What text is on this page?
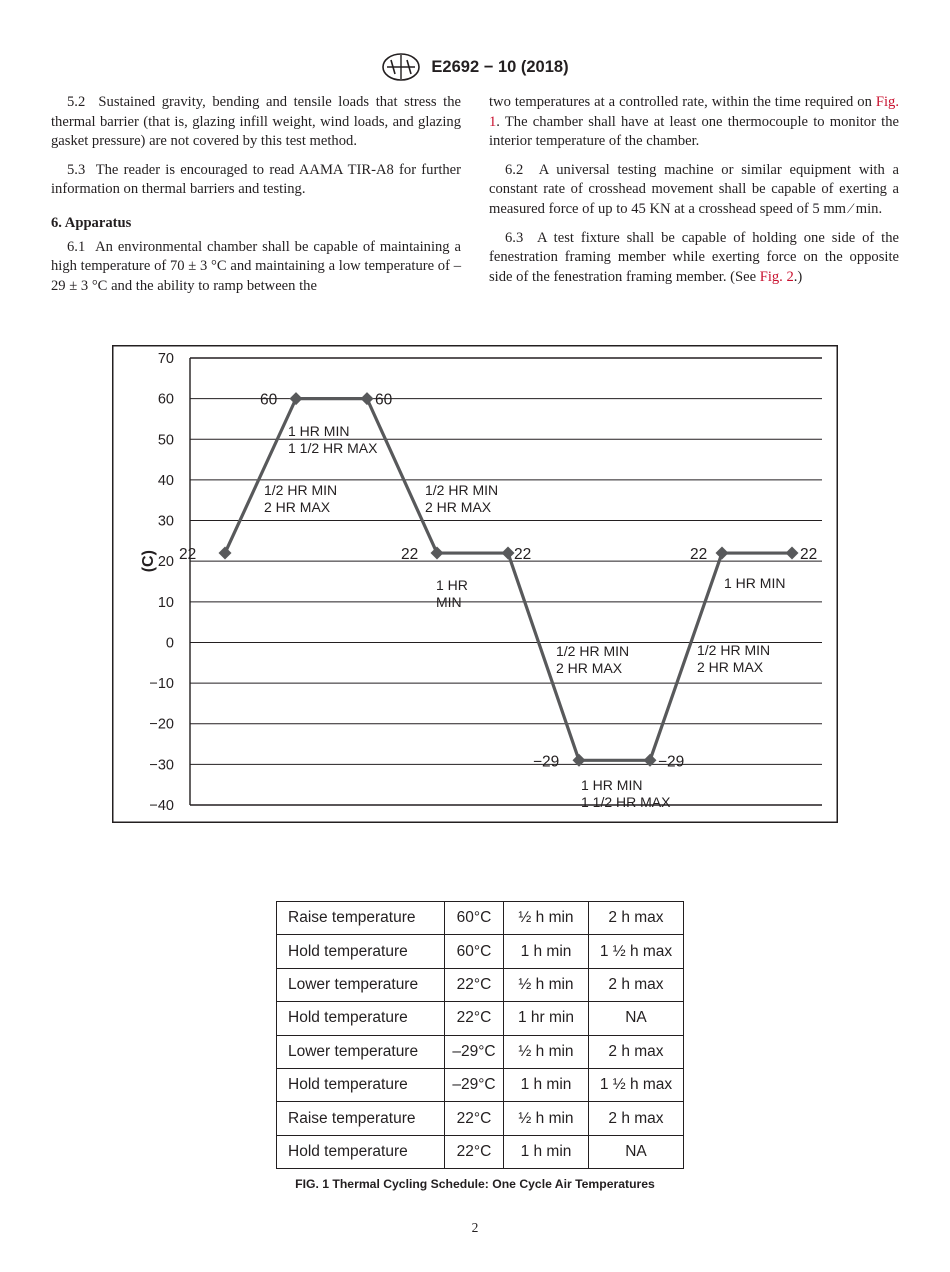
E2692 − 10 (2018)

5.2 Sustained gravity, bending and tensile loads that stress the thermal barrier (that is, glazing infill weight, wind loads, and glazing gasket pressure) are not covered by this test method.

5.3 The reader is encouraged to read AAMA TIR-A8 for further information on thermal barriers and testing.

6. Apparatus

6.1 An environmental chamber shall be capable of maintaining a high temperature of 70 ± 3 °C and maintaining a low temperature of –29 ± 3 °C and the ability to ramp between the

two temperatures at a controlled rate, within the time required on Fig. 1. The chamber shall have at least one thermocouple to monitor the interior temperature of the chamber.

6.2 A universal testing machine or similar equipment with a constant rate of crosshead movement shall be capable of exerting a measured force of up to 45 KN at a crosshead speed of 5 mm ⁄ min.

6.3 A test fixture shall be capable of holding one side of the fenestration framing member while exerting force on the opposite side of the fenestration framing member. (See Fig. 2.)

70
60
50
40
30
20
10
0
−10
−20
−30
−40
(C) 22
60	60
22	22
−29	−29
22	22
1/2 HR MIN
2 HR MAX
1 HR MIN
1 1/2 HR MAX
1/2 HR MIN
2 HR MAX
1 HR
MIN
1/2 HR MIN
2 HR MAX
1 HR MIN
1 1/2 HR MAX
1/2 HR MIN
2 HR MAX
1 HR MIN
Raise temperature	60°C	½ h min	2 h max
Hold temperature	60°C	1 h min	1 ½ h max
Lower temperature	22°C	½ h min	2 h max
Hold temperature	22°C	1 hr min	NA
Lower temperature	–29°C	½ h min	2 h max
Hold temperature	–29°C	1 h min	1 ½ h max
Raise temperature	22°C	½ h min	2 h max
Hold temperature	22°C	1 h min	NA
FIG. 1 Thermal Cycling Schedule: One Cycle Air Temperatures
2
